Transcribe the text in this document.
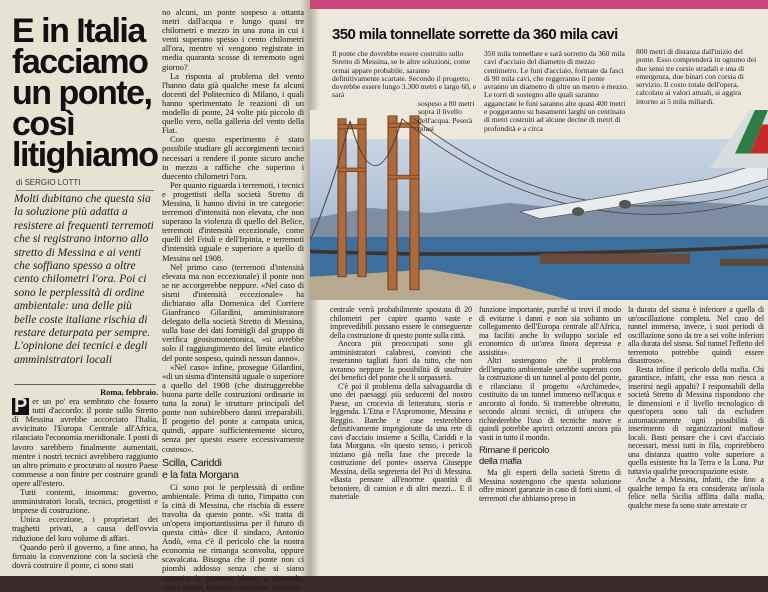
E in Italia
facciamo
un ponte,
così
litighiamo
di SERGIO LOTTI
Molti dubitano che questa sia la soluzione più adatta a resistere ai frequenti terremoti che si registrano intorno allo stretto di Messina e ai venti che soffiano spesso a oltre cento chilometri l'ora. Poi ci sono le perplessità di ordine ambientale: una delle più belle coste italiane rischia di restare deturpata per sempre. L'opinione dei tecnici e degli amministratori locali
Roma, febbraio.

P er un po' era sembrato che fossero tutti d'accordo: il ponte sullo Stretto di Messina avrebbe accorciato l'Italia, avvicinato l'Europa Centrale all'Africa, rilanciato l'economia meridionale. I posti di lavoro sarebbero finalmente aumentati, mentre i nostri tecnici avrebbero raggiunto un altro primato e procurato al nostro Paese commesse a non finire per costruire grandi opere all'estero.

Tutti contenti, insomma: governo, amministratori locali, tecnici, progettisti e imprese di costruzione.

Unica eccezione, i proprietari dei traghetti privati, a causa dell'ovvia riduzione del loro volume di affari.

Quando però il governo, a fine anno, ha firmato la convenzione con la società che dovrà costruire il ponte, ci sono stati

no alcuni, un ponte sospeso a ottanta metri dall'acqua e lungo quasi tre chilometri e mezzo in una zona in cui i venti superano spesso i cento chilometri all'ora, mentre vi vengono registrate in media quaranta scosse di terremoto ogni giorno?

La risposta al problema del vento l'hanno data già qualche mese fa alcuni docenti del Politecnico di Milano, i quali hanno sperimentato le reazioni di un modello di ponte, 24 volte più piccolo di quello vero, nella galleria del vento della Fiat.

Con questo esperimento è stato possibile studiare gli accorgimenti tecnici necessari a rendere il ponte sicuro anche in mezzo a raffiche che superino i duecento chilometri l'ora.

Per quanto riguarda i terremoti, i tecnici e progettisti della società Stretto di Messina, li hanno divisi in tre categorie: terremoti d'intensità non elevata, che non superano la violenza di quello del Belice, terremoti d'intensità eccezionale, come quelli del Friuli e dell'Irpinia, e terremoti d'intensità uguale e superiore a quello di Messina nel 1908.

Nel primo caso (terremoti d'intensità elevata ma non eccezionale) il ponte non se ne accorgerebbe neppure. «Nel caso di sismi d'intensità eccezionale» ha dichiarato alla Domenica del Corriere Gianfranco Gilardini, amministratore delegato della società Stretto di Messina, sulla base dei dati fornitigli dal gruppo di verifica geosismotettonica, «si avrebbe solo il raggiungimento del limite elastico del ponte sospeso, quindi nessun danno».

«Nel caso» infine, prosegue Gilardini, «di un sisma d'intensità uguale o superiore a quello del 1908 (che distruggerebbe buona parte delle costruzioni ordinarie in tutta la zona) le strutture principali del ponte non subirebbero danni irreparabili. Il progetto del ponte a campata unica, quindi, appare sufficientemente sicuro, senza per questo essere eccessivamente costoso».

Scilla, Cariddi
e la fata Morgana

Ci sono poi le perplessità di ordine ambientale. Prima di tutto, l'impatto con la città di Messina, che rischia di essere travolta da questo ponte. «Si tratta di un'opera importantissima per il futuro di questa città» dice il sindaco, Antonio Andò, «ma c'è il pericolo che la nostra economia ne rimanga sconvolta, oppure scavalcata. Bisogna che il ponte non ci piombi addosso senza che si siano costruite le strutture idonee a riceverlo, come strade, ferrovie, canalonie, raccordi

350 mila tonnellate sorrette da 360 mila cavi
Il ponte che dovrebbe essere costruito sullo Stretto di Messina, se le altre soluzioni, come ormai appare probabile, saranno definitivamente scartate. Secondo il progetto, dovrebbe essere lungo 3.300 metri e largo 60, e sarà
sospeso a 80 metri sopra il livello dell'acqua. Peserà quasi
350 mila tonnellate e sarà sorretto da 360 mila cavi d'acciaio del diametro di mezzo centimetro. Le funi d'acciaio, formate da fasci di 90 mila cavi, che reggeranno il ponte avranno un diametro di oltre un metro e mezzo. Le torri di sostegno alle quali saranno agganciate le funi saranno alte quasi 400 metri e poggeranno su basamenti larghi un centinaio di metri costruiti ad alcune decine di metri di profondità e a circa
800 metri di distanza dall'inizio del ponte. Esso comprenderà in ognuno dei due sensi tre corsie stradali e una di emergenza, due binari con corsia di servizio. Il costo totale dell'opera, calcolato ai valori attuali, si aggira intorno ai 5 mila miliardi.

centrale verrà probabilmente spostata di 20 chilometri per capire quanto vaste e imprevedibili possano essere le conseguenze della costruzione di questo ponte sulla città.

Ancora più preoccupati sono gli amministratori calabresi, convinti che resteranno tagliati fuori da tutto, che non avranno neppure la possibilità di usufruire dei benefici del ponte che li sorpasserà.

C'è poi il problema della salvaguardia di uno dei paesaggi più seducenti del nostro Paese, un crocevia di letteratura, storia e leggenda. L'Etna e l'Aspromonte, Messina e Reggio. Barche e case resterebbero definitivamente imprigionate da una rete di cavi d'acciaio insieme a Scilla, Cariddi e la fata Morgana. «In questo senso, i pericoli iniziano già nella fase che precede la costruzione del ponte» osserva Giuseppe Messina, della segreteria del Pci di Messina. «Basta pensare all'enorme quantità di betoniere, di camion e di altri mezzi... E il materiale

funzione importante, purché si trovi il modo di evitarne i danni e non sia soltanto un collegamento dell'Europa centrale all'Africa, ma faciliti anche lo sviluppo sociale ed economico di un'area finora depressa e assistita».

Altri sostengono che il problema dell'impatto ambientale sarebbe superato con la costruzione di un tunnel al posto del ponte, e rilanciano il progetto «Archimede», costituito da un tunnel immerso nell'acqua e ancorato al fondo. Si tratterebbe oltretutto, secondo alcuni tecnici, di un'opera che richiederebbe l'uso di tecniche nuove e quindi potrebbe aprirci orizzonti ancora più vasti in tutto il mondo.

Rimane il pericolo
della mafia

Ma gli esperti della società Stretto di Messina sostengono che questa soluzione offre minori garanzie in caso di forti sismi. «I terremoti che abbiamo preso in

la durata del sisma è inferiore a quella di un'oscillazione completa. Nel caso del tunnel immerso, invece, i suoi periodi di oscillazione sono da tre a sei volte inferiori alla durata del sisma. Sul tunnel l'effetto del terremoto potrebbe quindi essere disastroso».

Resta infine il pericolo della mafia. Chi garantisce, infatti, che essa non riesca a inserirsi negli appalti? I responsabili della società Stretto di Messina rispondono che le dimensioni e il livello tecnologico di quest'opera sono tali da escludere automaticamente ogni possibilità di inserimento di organizzazioni mafiose locali. Basti pensare che i cavi d'acciaio necessari, messi tutti in fila, coprirebbero una distanza quattro volte superiore a quella esistente fra la Terra e la Luna. Pur tuttavia qualche preoccupazione esiste.

Anche a Messina, infatti, che fino a qualche tempo fa era considerata un'isola felice nella Sicilia afflitta dalla mafia, qualche mese fa sono state arrestate cr
